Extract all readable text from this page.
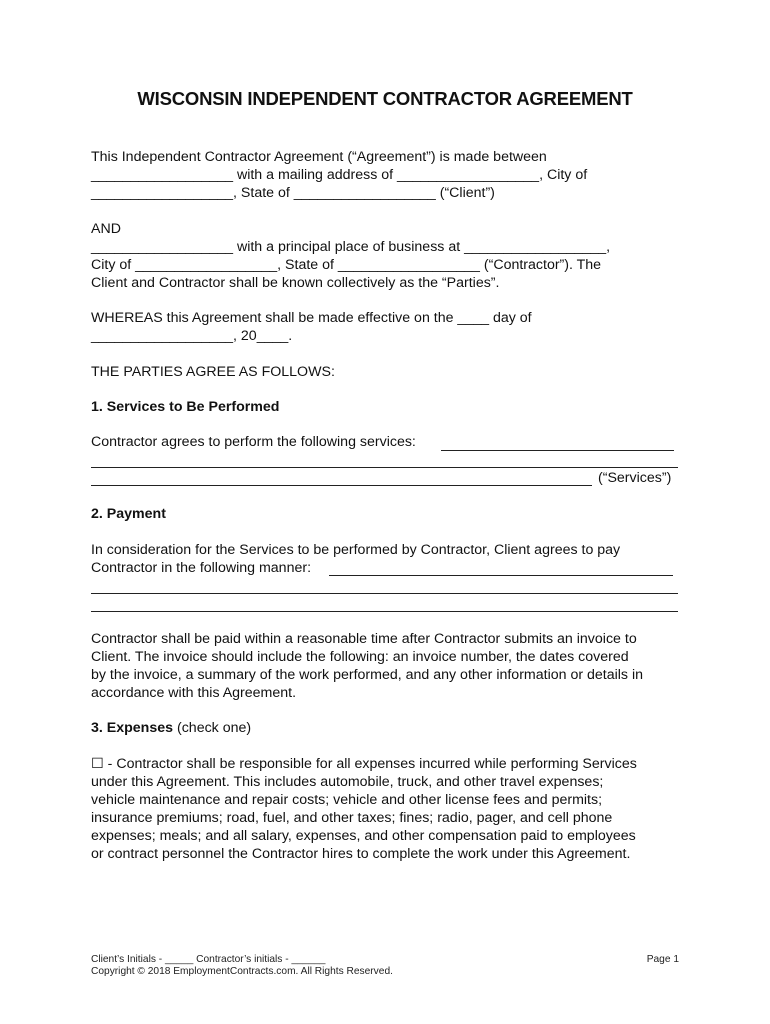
WISCONSIN INDEPENDENT CONTRACTOR AGREEMENT
This Independent Contractor Agreement (“Agreement”) is made between
__________________ with a mailing address of __________________, City of
__________________, State of __________________ (“Client”)
AND
__________________ with a principal place of business at __________________,
City of __________________, State of __________________ (“Contractor”). The
Client and Contractor shall be known collectively as the “Parties”.
WHEREAS this Agreement shall be made effective on the ____ day of
__________________, 20____.
THE PARTIES AGREE AS FOLLOWS:
1. Services to Be Performed
Contractor agrees to perform the following services:
(“Services”)
2. Payment
In consideration for the Services to be performed by Contractor, Client agrees to pay
Contractor in the following manner:
Contractor shall be paid within a reasonable time after Contractor submits an invoice to
Client. The invoice should include the following: an invoice number, the dates covered
by the invoice, a summary of the work performed, and any other information or details in
accordance with this Agreement.
3. Expenses (check one)
☐ - Contractor shall be responsible for all expenses incurred while performing Services
under this Agreement. This includes automobile, truck, and other travel expenses;
vehicle maintenance and repair costs; vehicle and other license fees and permits;
insurance premiums; road, fuel, and other taxes; fines; radio, pager, and cell phone
expenses; meals; and all salary, expenses, and other compensation paid to employees
or contract personnel the Contractor hires to complete the work under this Agreement.
Client’s Initials - _____ Contractor’s initials - ______
Copyright © 2018 EmploymentContracts.com. All Rights Reserved.
Page 1
